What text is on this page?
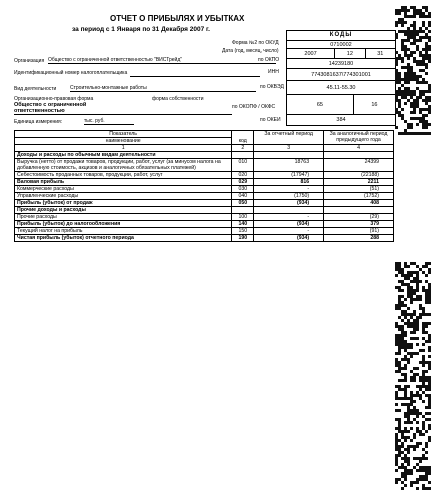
ОТЧЕТ О ПРИБЫЛЯХ И УБЫТКАХ
за период с 1 Января по 31 Декабря 2007 г.
Форма №2 по ОКУД
Дата (год, месяц, число)
по ОКПО
ИНН
по ОКВЭД
по ОКОПФ / ОКФС
по ОКЕИ
КОДЫ
0710002
2007	12	31
14239180
7743081637\774301001
45.11-55.30
65	16
384
Организация Общество с ограниченной ответственностью "ВИСТрейд"
Идентификационный номер налогоплательщика
Вид деятельности	Строительно-монтажные работы
Организационно-правовая форма	форма собственности
Общество с ограниченной
ответственностью
Единица измерения:	тыс. руб.
Показатель	код	За отчетный период	За аналогичный период предыдущего года
наименование			
1	2	3	4
Доходы и расходы по обычным видам деятельности			
Выручка (нетто) от продажи товаров, продукции, работ, услуг (за минусом налога на добавленную стоимость, акцизов и аналогичных обязательных платежей)	010	18763	24399
Себестоимость проданных товаров, продукции, работ, услуг	020	(17947)	(22188)
Валовая прибыль	029	816	2211
Коммерческие расходы	030	-	(51)
Управленческие расходы	040	(1750)	(1752)
Прибыль (убыток) от продаж	050	(934)	408
Прочие доходы и расходы			
Прочие расходы	100	-	(29)
Прибыль (убыток) до налогообложения	140	(934)	379
Текущий налог на прибыль	150	-	(91)
Чистая прибыль (убыток) отчетного периода	190	(934)	288
